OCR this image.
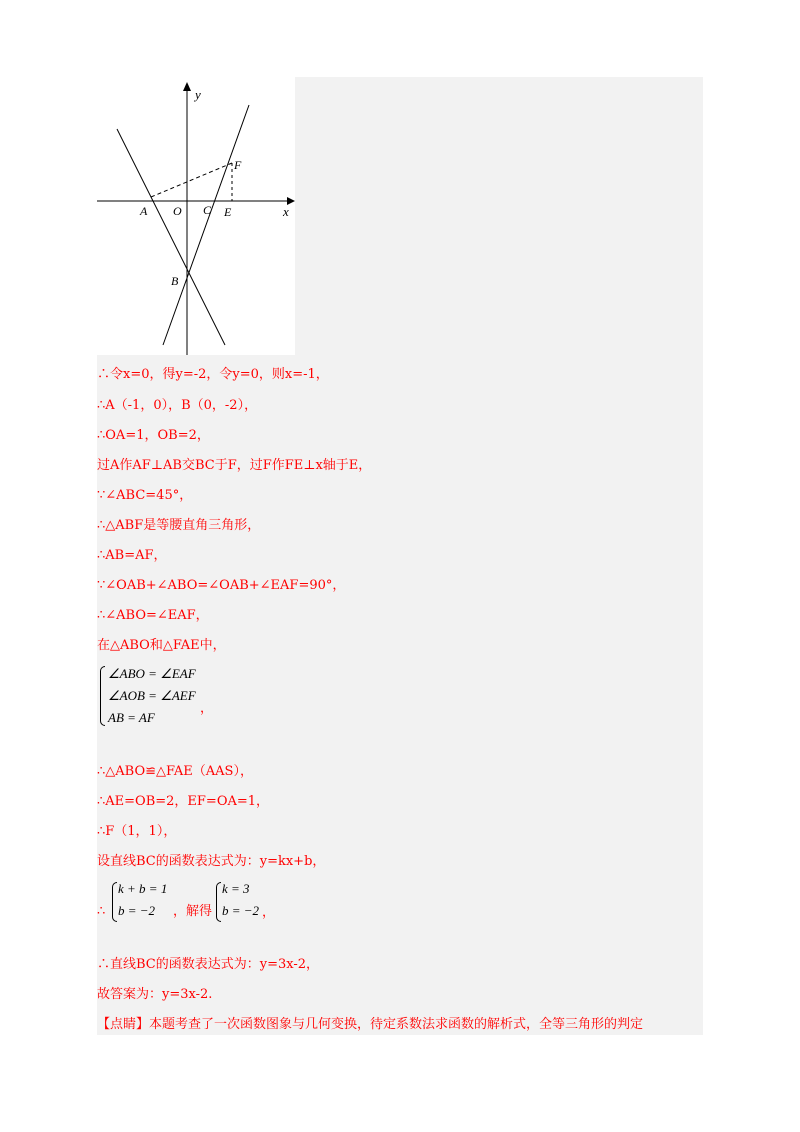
y
x
F
A O C E
B
∴令x=0，得y=-2，令y=0，则x=-1，
∴A（-1，0），B（0，-2），
∴OA=1，OB=2，
过A作AF⊥AB交BC于F，过F作FE⊥x轴于E，
∵∠ABC=45°，
∴△ABF是等腰直角三角形，
∴AB=AF，
∵∠OAB+∠ABO=∠OAB+∠EAF=90°，
∴∠ABO=∠EAF，
在△ABO和△FAE中，
∠ABO = ∠EAF
∠AOB = ∠AEF
AB = AF
，
∴△ABO≌△FAE（AAS），
∴AE=OB=2，EF=OA=1，
∴F（1，1），
设直线BC的函数表达式为：y=kx+b，
∴
k + b = 1
b = −2 ，解得
k = 3
b = −2 ，
∴直线BC的函数表达式为：y=3x-2，
故答案为：y=3x-2.
【点睛】本题考查了一次函数图象与几何变换，待定系数法求函数的解析式，全等三角形的判定
